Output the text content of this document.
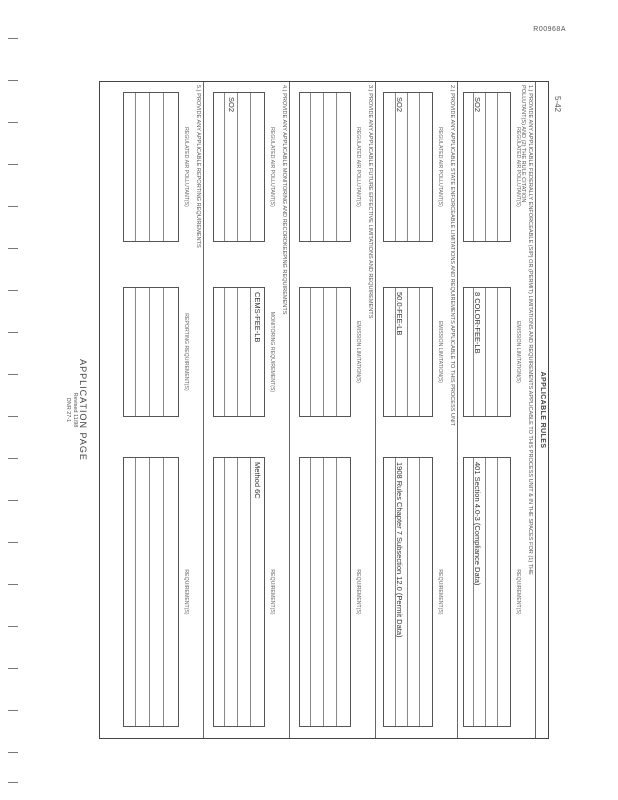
R00968A
5-42
APPLICABLE RULES
1.) PROVIDE ANY APPLICABLE FEDERALLY ENFORCEABLE (SIP) OR (PERMIT) LIMITATIONS AND REQUIREMENTS APPLICABLE TO THIS PROCESS UNIT & IN THE SPACES FOR (1) THE
POLLUTANT(S) AND (2) THE RULE CITATION
REGULATED AIR POLLUTANT(S)
SO2
EMISSION LIMITATION(S)
8 COLOR-FEE-LB
REQUIREMENT(S)
401 Section 4.0-3 (Compliance Data)
2.) PROVIDE ANY APPLICABLE STATE ENFORCEABLE LIMITATIONS AND REQUIREMENTS APPLICABLE TO THIS PROCESS UNIT
REGULATED AIR POLLUTANT(S)
SO2
EMISSION LIMITATION(S)
50.0-FEE-LB
REQUIREMENT(S)
1908 Rules Chapter 7 Subsection 12.0 (Permit Data)
3.) PROVIDE ANY APPLICABLE FUTURE EFFECTIVE LIMITATIONS AND REQUIREMENTS
REGULATED AIR POLLUTANT(S)
EMISSION LIMITATION(S)
REQUIREMENT(S)
4.) PROVIDE ANY APPLICABLE MONITORING AND RECORDKEEPING REQUIREMENTS
REGULATED AIR POLLUTANT(S)
SO2
MONITORING REQUIREMENT(S)
CEMS-FEE-LB
REQUIREMENT(S)
Method 6C
5.) PROVIDE ANY APPLICABLE REPORTING REQUIREMENTS
REGULATED AIR POLLUTANT(S)
REPORTING REQUIREMENT(S)
REQUIREMENT(S)
APPLICATION PAGE
Revised 11/98
DNR 27-1
